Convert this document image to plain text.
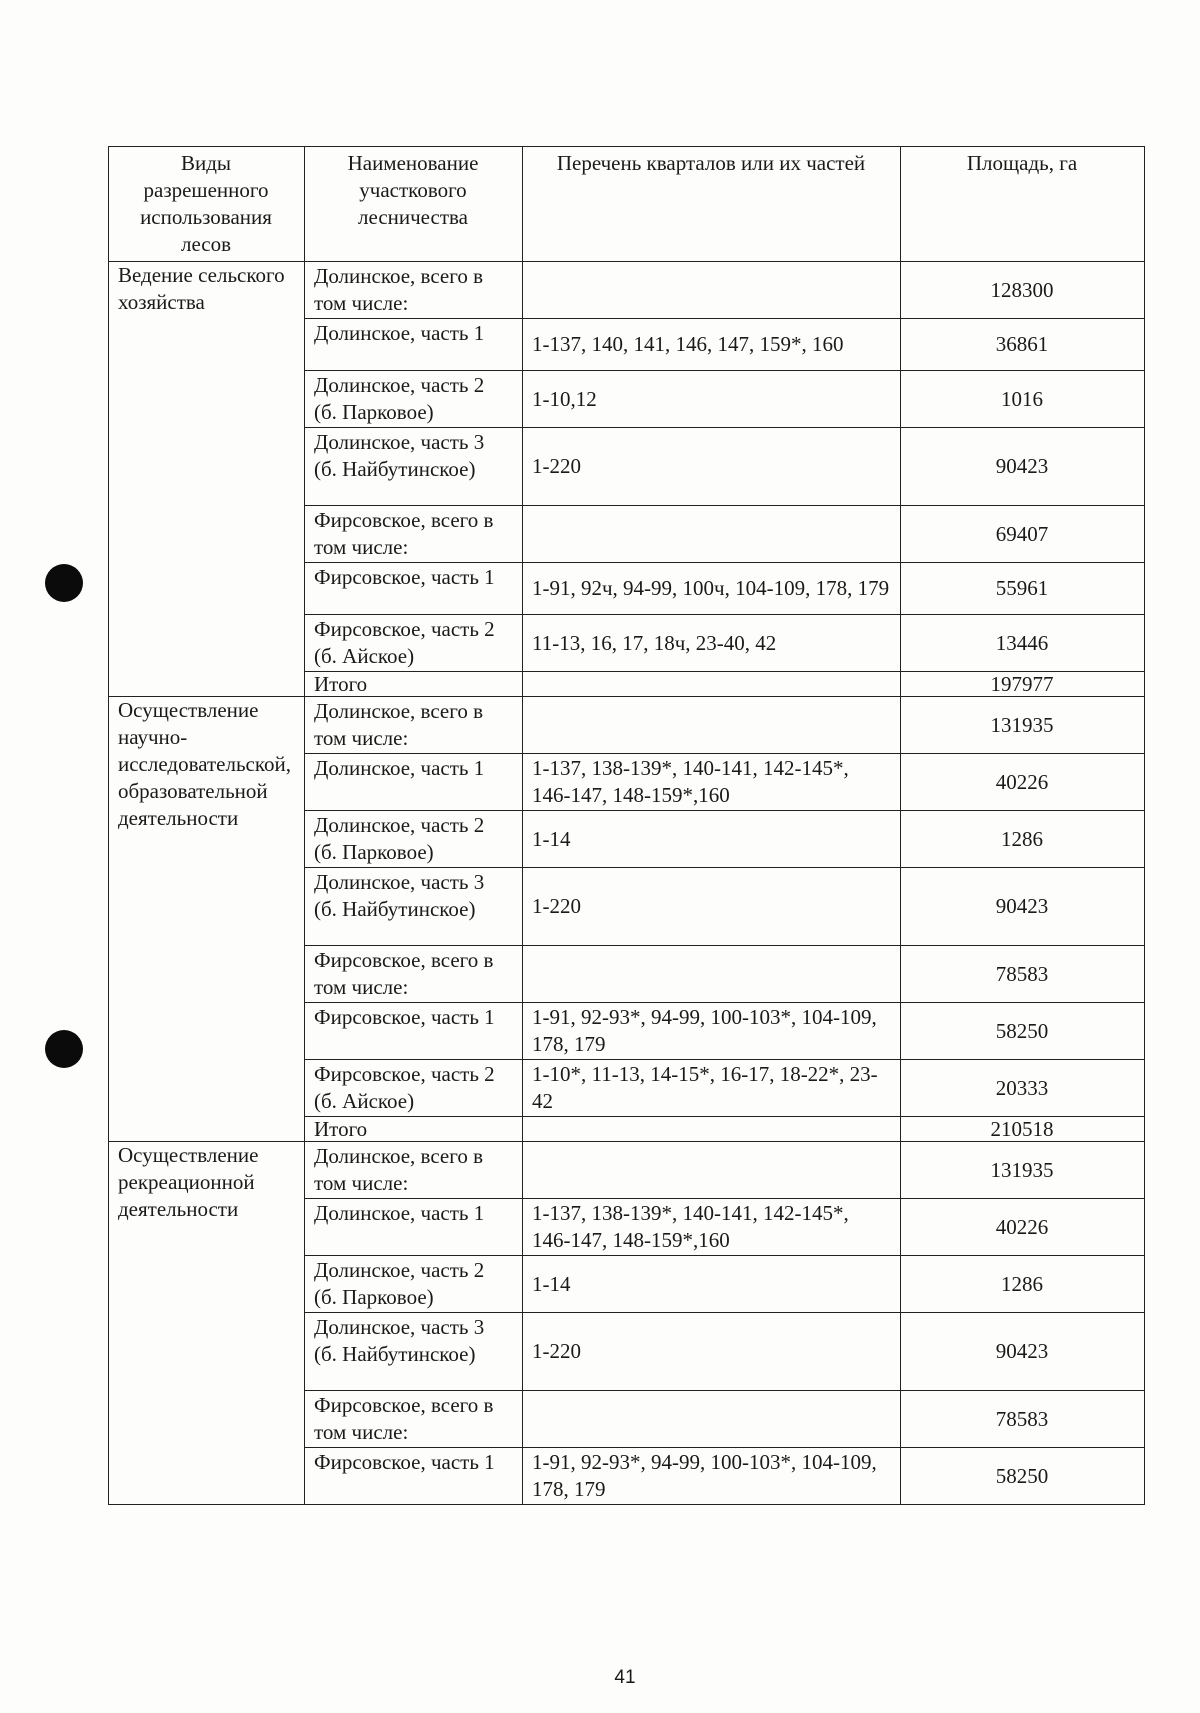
Виды разрешенного использования лесов	Наименование участкового лесничества	Перечень кварталов или их частей	Площадь, га
Ведение сельского хозяйства	Долинское, всего в том числе:		128300
	Долинское, часть 1	1-137, 140, 141, 146, 147, 159*, 160	36861
	Долинское, часть 2 (б. Парковое)	1-10,12	1016
	Долинское, часть 3 (б. Найбутинское)	1-220	90423
	Фирсовское, всего в том числе:		69407
	Фирсовское, часть 1	1-91, 92ч, 94-99, 100ч, 104-109, 178, 179	55961
	Фирсовское, часть 2 (б. Айское)	11-13, 16, 17, 18ч, 23-40, 42	13446
	Итого		197977
Осуществление научно-исследовательской, образовательной деятельности	Долинское, всего в том числе:		131935
	Долинское, часть 1	1-137, 138-139*, 140-141, 142-145*, 146-147, 148-159*,160	40226
	Долинское, часть 2 (б. Парковое)	1-14	1286
	Долинское, часть 3 (б. Найбутинское)	1-220	90423
	Фирсовское, всего в том числе:		78583
	Фирсовское, часть 1	1-91, 92-93*, 94-99, 100-103*, 104-109, 178, 179	58250
	Фирсовское, часть 2 (б. Айское)	1-10*, 11-13, 14-15*, 16-17, 18-22*, 23-42	20333
	Итого		210518
Осуществление рекреационной деятельности	Долинское, всего в том числе:		131935
	Долинское, часть 1	1-137, 138-139*, 140-141, 142-145*, 146-147, 148-159*,160	40226
	Долинское, часть 2 (б. Парковое)	1-14	1286
	Долинское, часть 3 (б. Найбутинское)	1-220	90423
	Фирсовское, всего в том числе:		78583
	Фирсовское, часть 1	1-91, 92-93*, 94-99, 100-103*, 104-109, 178, 179	58250
41
